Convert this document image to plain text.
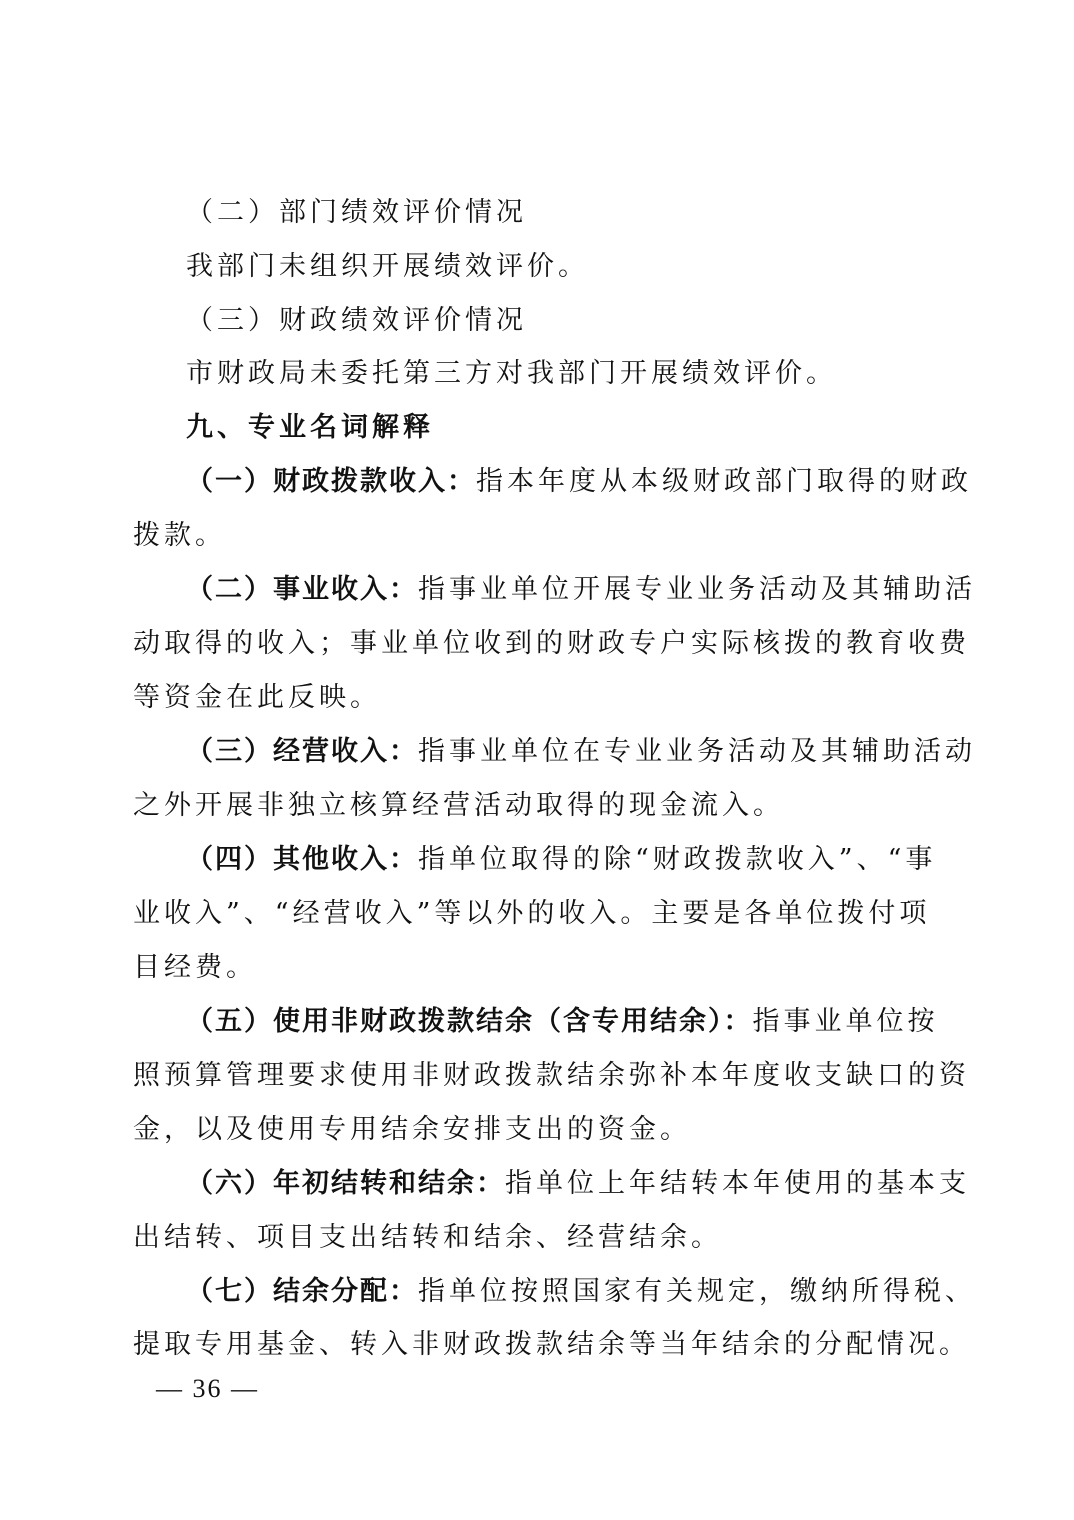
（二）部门绩效评价情况
我部门未组织开展绩效评价。
（三）财政绩效评价情况
市财政局未委托第三方对我部门开展绩效评价。
九、专业名词解释
（一）财政拨款收入：指本年度从本级财政部门取得的财政
拨款。
（二）事业收入：指事业单位开展专业业务活动及其辅助活
动取得的收入；事业单位收到的财政专户实际核拨的教育收费
等资金在此反映。
（三）经营收入：指事业单位在专业业务活动及其辅助活动
之外开展非独立核算经营活动取得的现金流入。
（四）其他收入：指单位取得的除“财政拨款收入”、“事
业收入”、“经营收入”等以外的收入。主要是各单位拨付项
目经费。
（五）使用非财政拨款结余（含专用结余）：指事业单位按
照预算管理要求使用非财政拨款结余弥补本年度收支缺口的资
金，以及使用专用结余安排支出的资金。
（六）年初结转和结余：指单位上年结转本年使用的基本支
出结转、项目支出结转和结余、经营结余。
（七）结余分配：指单位按照国家有关规定，缴纳所得税、
提取专用基金、转入非财政拨款结余等当年结余的分配情况。
— 36 —
